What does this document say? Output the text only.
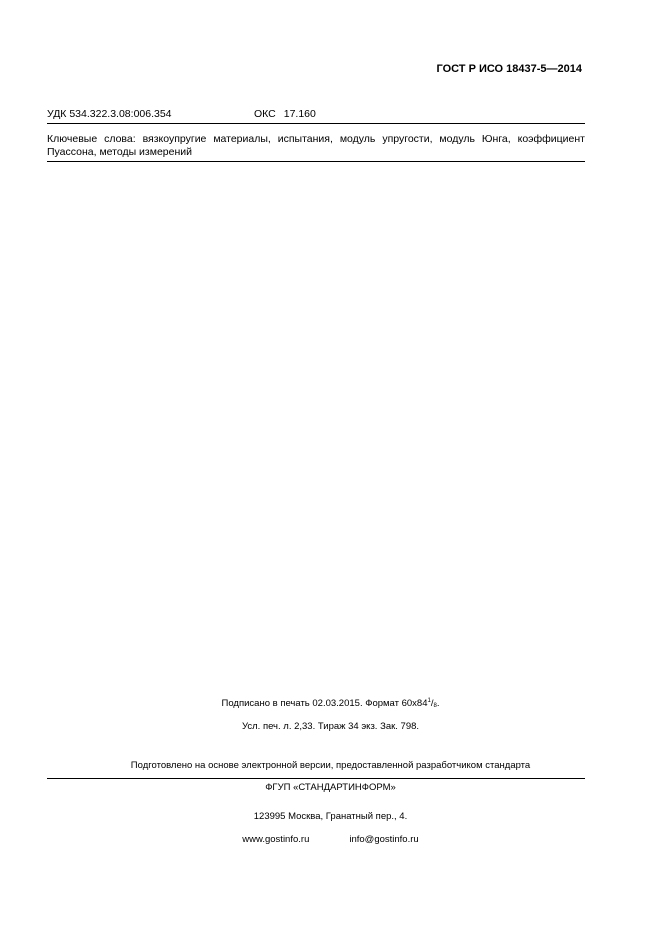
ГОСТ Р ИСО 18437-5—2014
УДК 534.322.3.08:006.354	ОКС 17.160
Ключевые слова: вязкоупругие материалы, испытания, модуль упругости, модуль Юнга, коэффициент Пуассона, методы измерений
Подписано в печать 02.03.2015. Формат $60x84^1/_8$.
Усл. печ. л. 2,33. Тираж 34 экз. Зак. 798.
Подготовлено на основе электронной версии, предоставленной разработчиком стандарта
ФГУП «СТАНДАРТИНФОРМ»
123995 Москва, Гранатный пер., 4.
www.gostinfo.ru	info@gostinfo.ru
